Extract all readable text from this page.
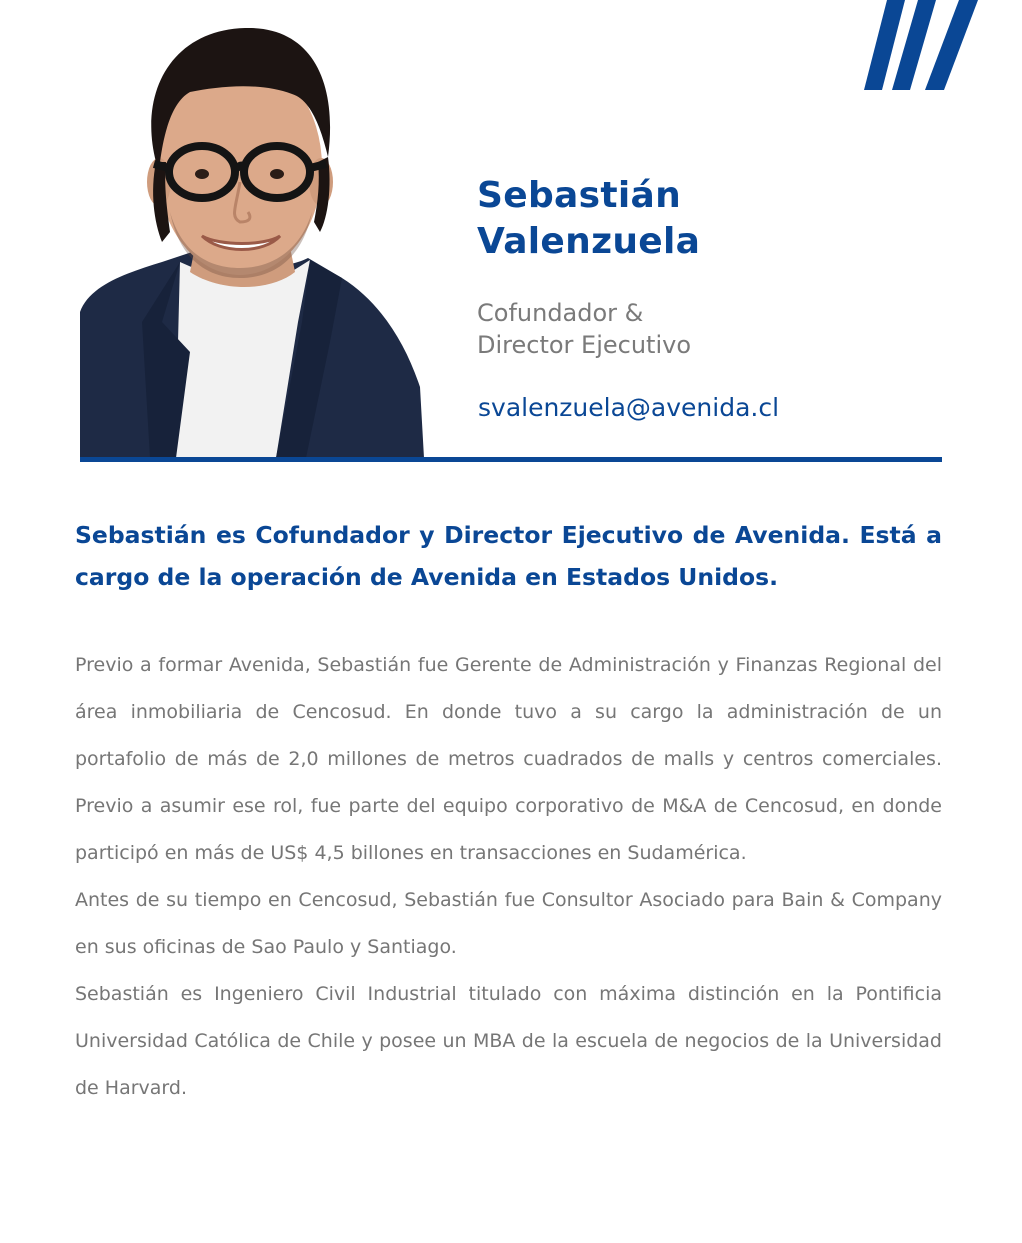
Sebastián
Valenzuela

Cofundador &
Director Ejecutivo

svalenzuela@avenida.cl

Sebastián es Cofundador y Director Ejecutivo de Avenida. Está a cargo de la operación de Avenida en Estados Unidos.

Previo a formar Avenida, Sebastián fue Gerente de Administración y Finanzas Regional del área inmobiliaria de Cencosud. En donde tuvo a su cargo la administración de un portafolio de más de 2,0 millones de metros cuadrados de malls y centros comerciales. Previo a asumir ese rol, fue parte del equipo corporativo de M&A de Cencosud, en donde participó en más de US$ 4,5 billones en transacciones en Sudamérica.

Antes de su tiempo en Cencosud, Sebastián fue Consultor Asociado para Bain & Company en sus oficinas de Sao Paulo y Santiago.

Sebastián es Ingeniero Civil Industrial titulado con máxima distinción en la Pontificia Universidad Católica de Chile y posee un MBA de la escuela de negocios de la Universidad de Harvard.
